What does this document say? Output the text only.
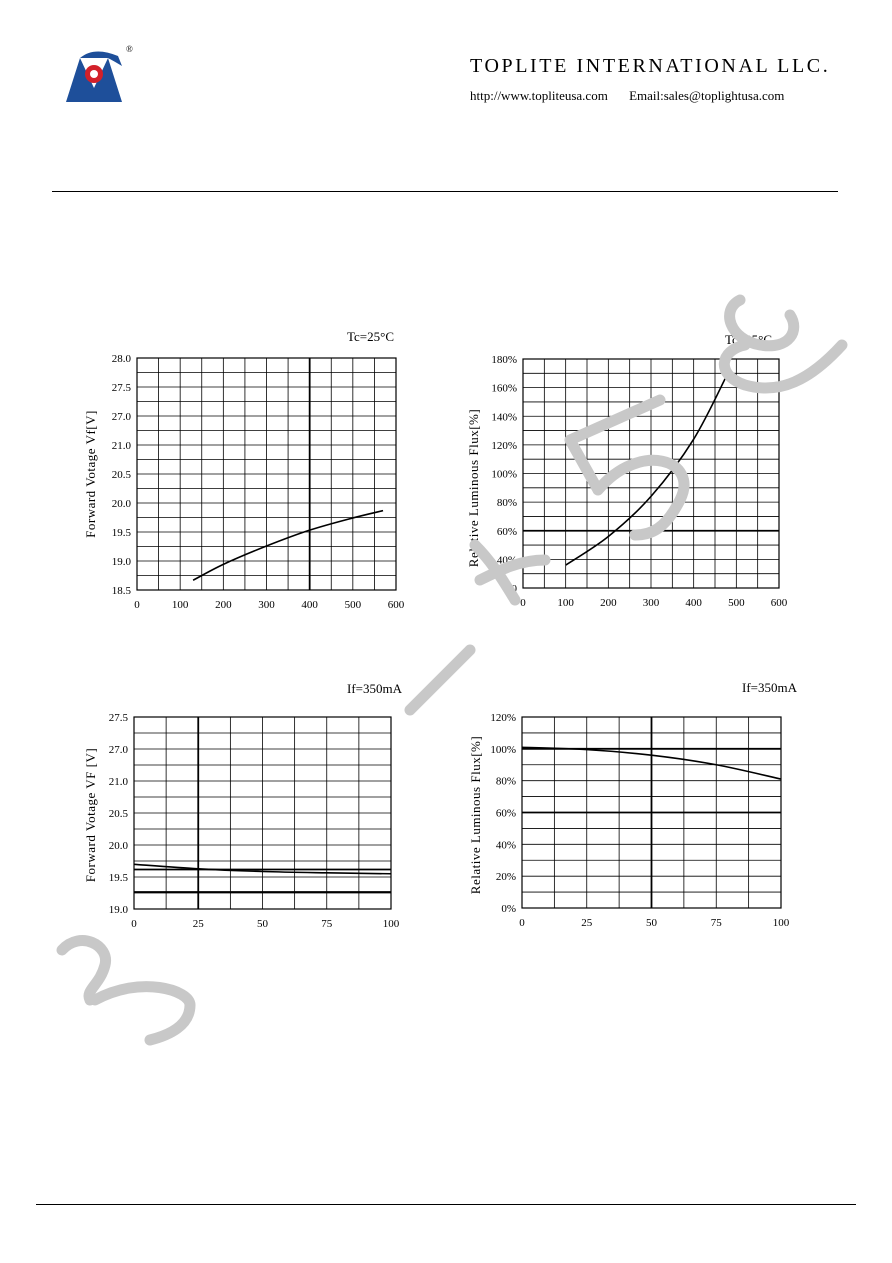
®
TOPLITE INTERNATIONAL LLC.
http://www.topliteusa.com Email:sales@toplightusa.com
28.0
27.5
27.0
21.0
20.5
20.0
19.5
19.0
18.5
0	100 200 300 400 500 600
Forward Votage Vf[V]
Tc=25°C
180%
160%
140%
120%
100%
80%
60%
40%
20
0	100 200 300 400 500 600
Relative Luminous Flux[%]
Tc=25°C
27.5
27.0
21.0
20.5
20.0
19.5
19.0
0	25	50	75	100
Forward Votage VF [V]
If=350mA
120%
100%
80%
60%
40%
20%
0%
0	25	50	75	100
Relative Luminous Flux[%]
If=350mA
